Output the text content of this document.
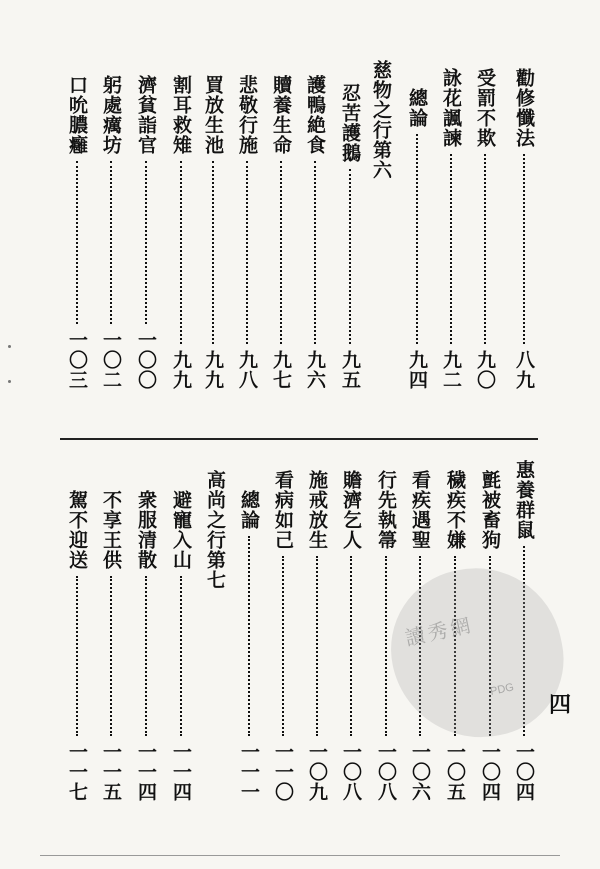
勸修懺法
八九
受罰不欺
九〇
詠花諷諫
九二
總論
九四
慈物之行第六
忍苦護鵝
九五
護鴨絶食
九六
贖養生命
九七
悲敬行施
九八
買放生池
九九
割耳救雉
九九
濟貧詣官
一〇〇
躬處癘坊
一〇二
口吮膿癰
一〇三
惠養群鼠
一〇四
氈被畜狗
一〇四
穢疾不嫌
一〇五
看疾遇聖
一〇六
行先執箒
一〇八
贍濟乞人
一〇八
施戒放生
一〇九
看病如己
一一〇
總論
一一一
高尚之行第七
避寵入山
一一四
衆服清散
一一四
不享王供
一一五
駕不迎送
一一七
讀秀網
PDG
四
